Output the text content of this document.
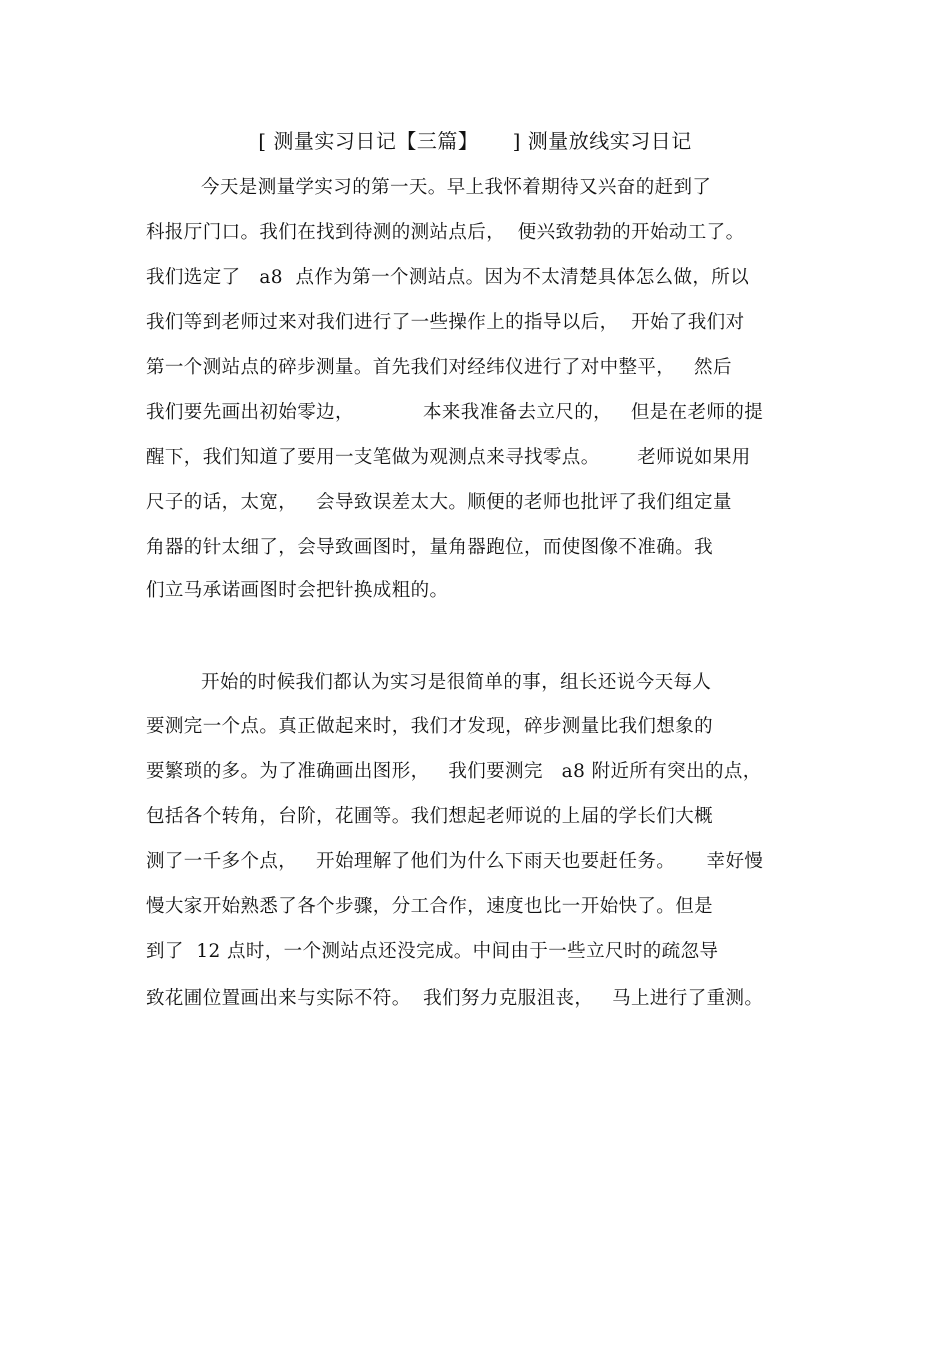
[ 测量实习日记【三篇】     ] 测量放线实习日记
今天是测量学实习的第一天。早上我怀着期待又兴奋的赶到了
科报厅门口。我们在找到待测的测站点后，  便兴致勃勃的开始动工了。
我们选定了   a8  点作为第一个测站点。因为不太清楚具体怎么做，所以
我们等到老师过来对我们进行了一些操作上的指导以后，  开始了我们对
第一个测站点的碎步测量。首先我们对经纬仪进行了对中整平，   然后
我们要先画出初始零边，           本来我准备去立尺的，   但是在老师的提
醒下，我们知道了要用一支笔做为观测点来寻找零点。      老师说如果用
尺子的话，太宽，   会导致误差太大。顺便的老师也批评了我们组定量
角器的针太细了，会导致画图时，量角器跑位，而使图像不准确。我
们立马承诺画图时会把针换成粗的。
开始的时候我们都认为实习是很简单的事，组长还说今天每人
要测完一个点。真正做起来时，我们才发现，碎步测量比我们想象的
要繁琐的多。为了准确画出图形，   我们要测完   a8 附近所有突出的点，
包括各个转角，台阶，花圃等。我们想起老师说的上届的学长们大概
测了一千多个点，   开始理解了他们为什么下雨天也要赶任务。     幸好慢
慢大家开始熟悉了各个步骤，分工合作，速度也比一开始快了。但是
到了  12 点时，一个测站点还没完成。中间由于一些立尺时的疏忽导
致花圃位置画出来与实际不符。  我们努力克服沮丧，   马上进行了重测。
